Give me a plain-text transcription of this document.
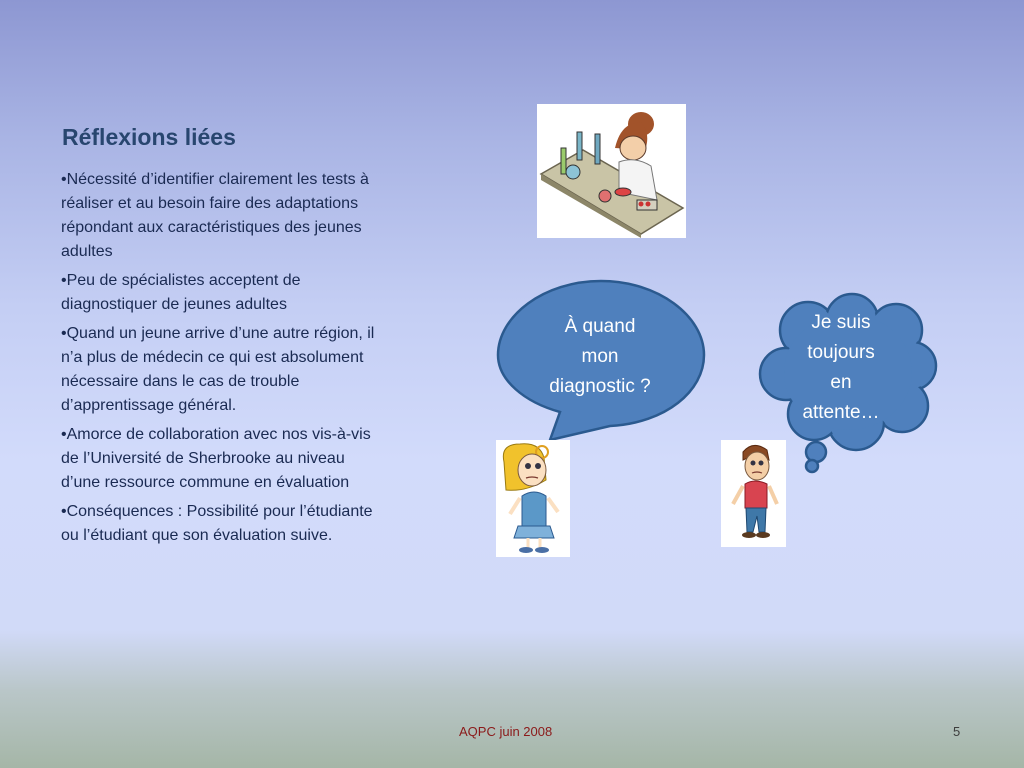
Réflexions liées
•Nécessité d’identifier clairement les tests à réaliser et au besoin faire des adaptations répondant aux caractéristiques des jeunes adultes
•Peu de spécialistes acceptent de diagnostiquer de jeunes adultes
•Quand un jeune arrive d’une autre région, il n’a plus de médecin ce qui est absolument nécessaire dans le cas de trouble d’apprentissage général.
•Amorce de collaboration avec nos vis-à-vis de l’Université de Sherbrooke au niveau d’une ressource commune en évaluation
•Conséquences : Possibilité pour l’étudiante ou l’étudiant que son évaluation suive.
À quand
mon
diagnostic ?
Je suis
toujours
en
attente…
AQPC juin 2008	5
